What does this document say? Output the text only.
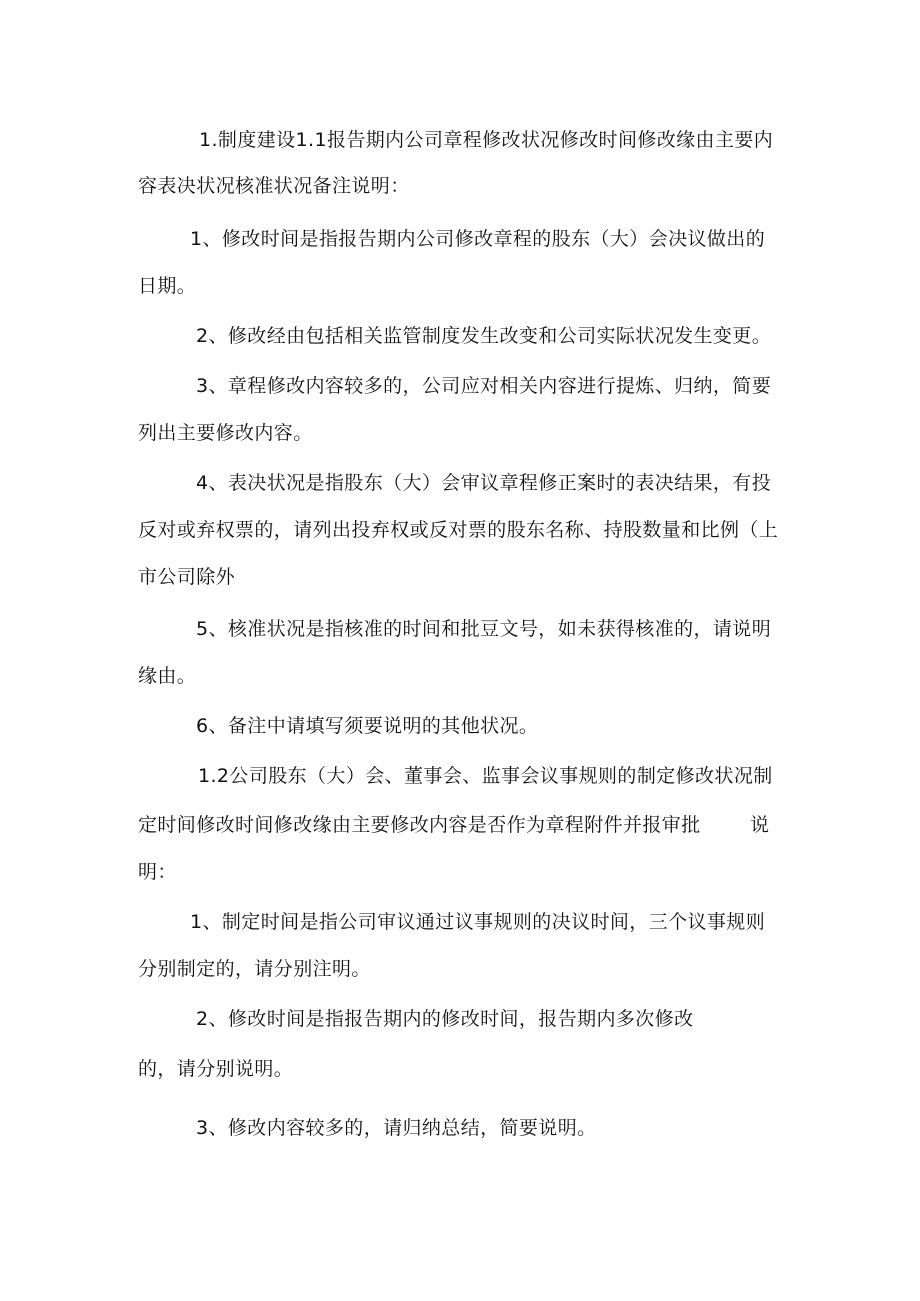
1.制度建设1.1报告期内公司章程修改状况修改时间修改缘由主要内
容表决状况核准状况备注说明：
1、修改时间是指报告期内公司修改章程的股东（大）会决议做出的
日期。
2、修改经由包括相关监管制度发生改变和公司实际状况发生变更。
3、章程修改内容较多的，公司应对相关内容进行提炼、归纳，简要
列出主要修改内容。
4、表决状况是指股东（大）会审议章程修正案时的表决结果，有投
反对或弃权票的，请列出投弃权或反对票的股东名称、持股数量和比例（上
市公司除外
5、核准状况是指核准的时间和批豆文号，如未获得核准的，请说明
缘由。
6、备注中请填写须要说明的其他状况。
1.2公司股东（大）会、董事会、监事会议事规则的制定修改状况制
定时间修改时间修改缘由主要修改内容是否作为章程附件并报审批	说
明：
1、制定时间是指公司审议通过议事规则的决议时间，三个议事规则
分别制定的，请分别注明。
2、修改时间是指报告期内的修改时间，报告期内多次修改
的，请分别说明。
3、修改内容较多的，请归纳总结，简要说明。
